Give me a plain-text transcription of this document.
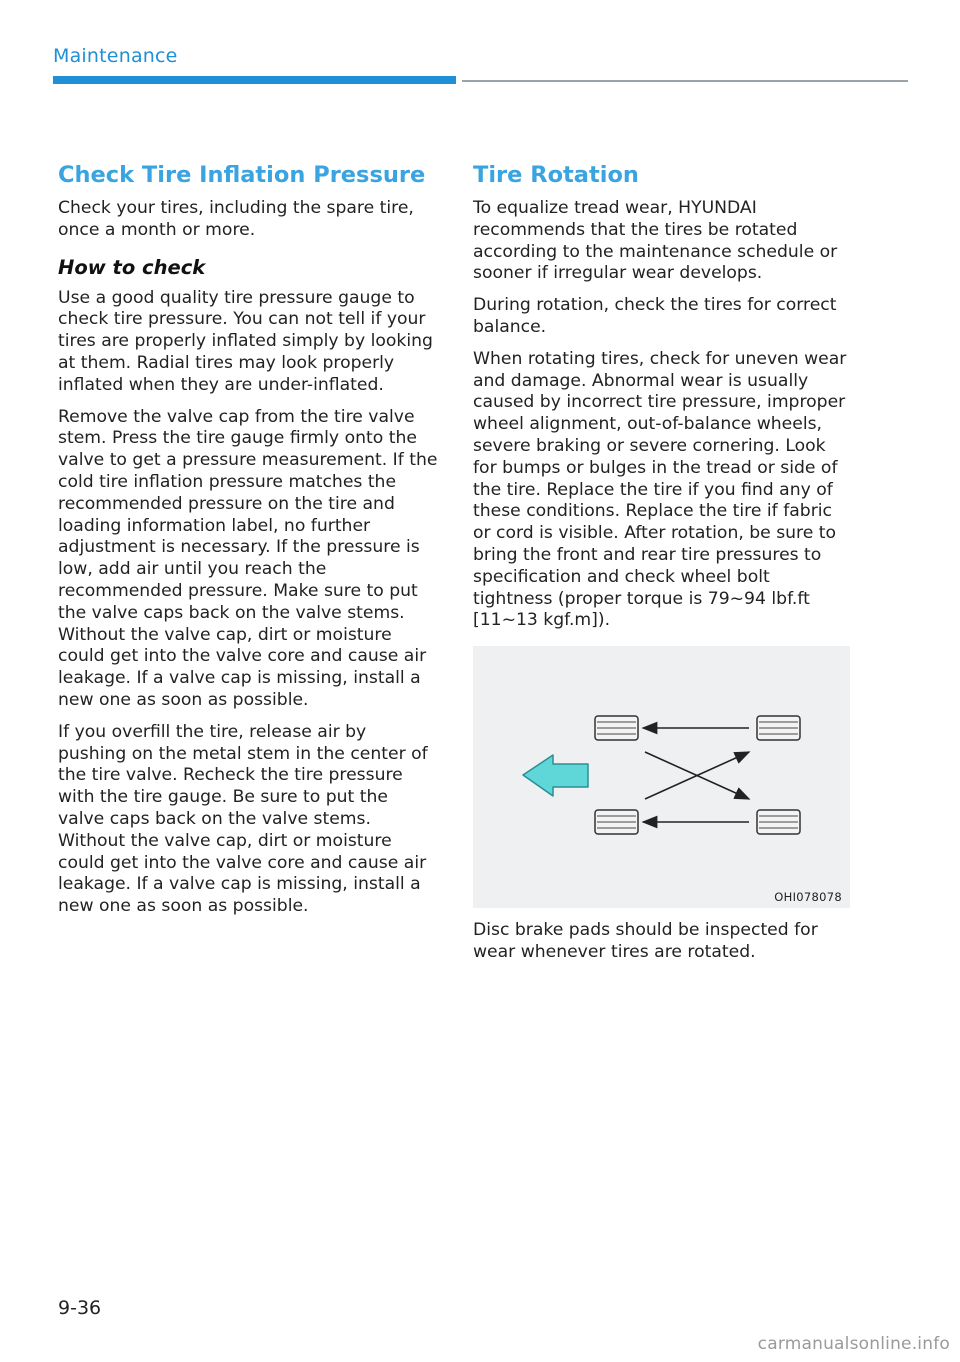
Maintenance
Check Tire Inflation Pressure

Check your tires, including the spare tire, once a month or more.

How to check

Use a good quality tire pressure gauge to check tire pressure. You can not tell if your tires are properly inflated simply by looking at them. Radial tires may look properly inflated when they are under-inflated.

Remove the valve cap from the tire valve stem. Press the tire gauge firmly onto the valve to get a pressure measurement. If the cold tire inflation pressure matches the recommended pressure on the tire and loading information label, no further adjustment is necessary. If the pressure is low, add air until you reach the recommended pressure. Make sure to put the valve caps back on the valve stems. Without the valve cap, dirt or moisture could get into the valve core and cause air leakage. If a valve cap is missing, install a new one as soon as possible.

If you overfill the tire, release air by pushing on the metal stem in the center of the tire valve. Recheck the tire pressure with the tire gauge. Be sure to put the valve caps back on the valve stems. Without the valve cap, dirt or moisture could get into the valve core and cause air leakage. If a valve cap is missing, install a new one as soon as possible.

Tire Rotation

To equalize tread wear, HYUNDAI recommends that the tires be rotated according to the maintenance schedule or sooner if irregular wear develops.

During rotation, check the tires for correct balance.

When rotating tires, check for uneven wear and damage. Abnormal wear is usually caused by incorrect tire pressure, improper wheel alignment, out-of-balance wheels, severe braking or severe cornering. Look for bumps or bulges in the tread or side of the tire. Replace the tire if you find any of these conditions. Replace the tire if fabric or cord is visible. After rotation, be sure to bring the front and rear tire pressures to specification and check wheel bolt tightness (proper torque is 79~94 lbf.ft [11~13 kgf.m]).

OHI078078

Disc brake pads should be inspected for wear whenever tires are rotated.

9-36
carmanualsonline.info
